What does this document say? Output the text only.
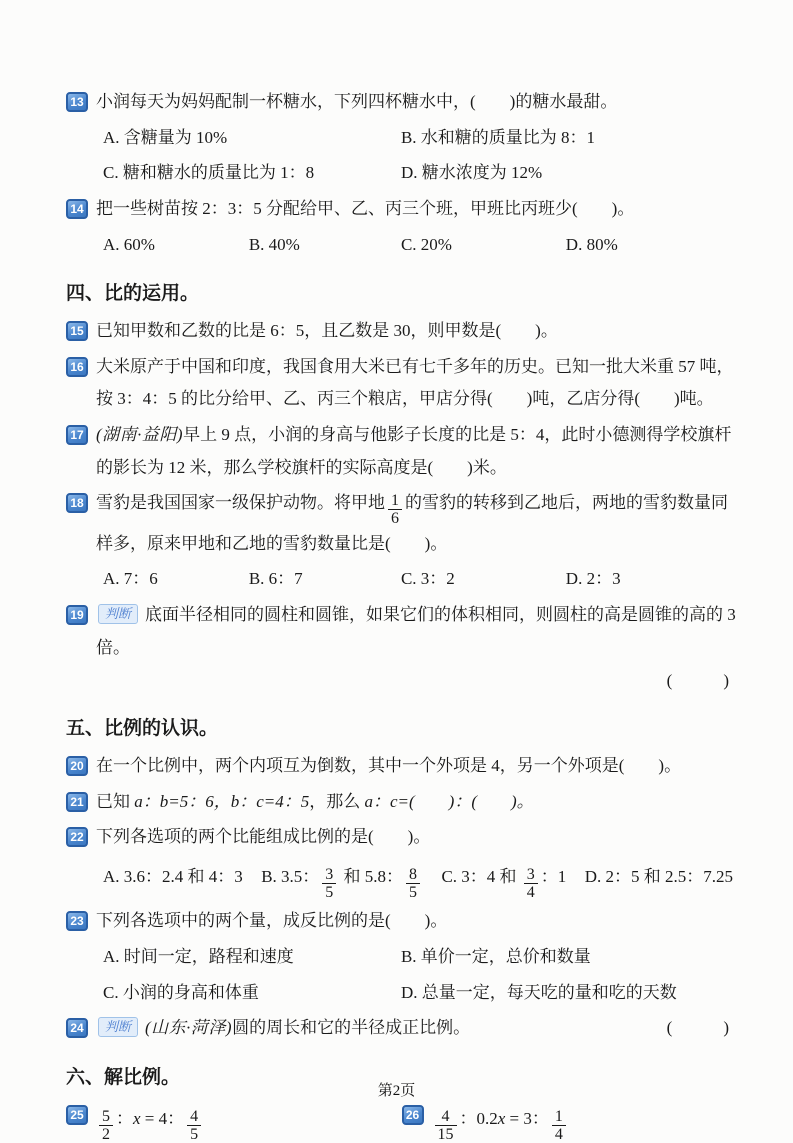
13 小润每天为妈妈配制一杯糖水，下列四杯糖水中，(　　)的糖水最甜。
A. 含糖量为 10%	B. 水和糖的质量比为 8：1
C. 糖和糖水的质量比为 1：8	D. 糖水浓度为 12%
14 把一些树苗按 2：3：5 分配给甲、乙、丙三个班，甲班比丙班少(　　)。
A. 60%	B. 40%	C. 20%	D. 80%
四、比的运用。
15 已知甲数和乙数的比是 6：5，且乙数是 30，则甲数是(　　)。
16 大米原产于中国和印度，我国食用大米已有七千多年的历史。已知一批大米重 57 吨，按 3：4：5 的比分给甲、乙、丙三个粮店，甲店分得(　　)吨，乙店分得(　　)吨。
17 (湖南·益阳)早上 9 点，小润的身高与他影子长度的比是 5：4，此时小德测得学校旗杆的影长为 12 米，那么学校旗杆的实际高度是(　　)米。
18 雪豹是我国国家一级保护动物。将甲地 $\frac{1}{6}$ 的雪豹的转移到乙地后，两地的雪豹数量同样多，原来甲地和乙地的雪豹数量比是(　　)。
A. 7：6	B. 6：7	C. 3：2	D. 2：3
19	判断 底面半径相同的圆柱和圆锥，如果它们的体积相同，则圆柱的高是圆锥的高的 3 倍。
(　　　)
五、比例的认识。
20 在一个比例中，两个内项互为倒数，其中一个外项是 4，另一个外项是(　　)。
21 已知 a：b=5：6，b：c=4：5，那么 a：c=(　　)：(　　)。
22 下列各选项的两个比能组成比例的是(　　)。
A. 3.6：2.4 和 4：3 B. 3.5： $\frac{3}{5}$ 和 5.8： $\frac{8}{5} C$. 3：4 和 $\frac{3}{4}$ ：1 D. 2：5 和 2.5：7.25
23 下列各选项中的两个量，成反比例的是(　　)。
A. 时间一定，路程和速度	B. 单价一定，总价和数量
C. 小润的身高和体重	D. 总量一定，每天吃的量和吃的天数
24	判断 (山东·菏泽)圆的周长和它的半径成正比例。	(　　　)
六、解比例。
$25 \frac{5}{2}$ ：x = 4： $\frac{4}{5}$	$26 \frac{4}{15}$ ：0.2x = 3： $\frac{1}{4}$
第2页
